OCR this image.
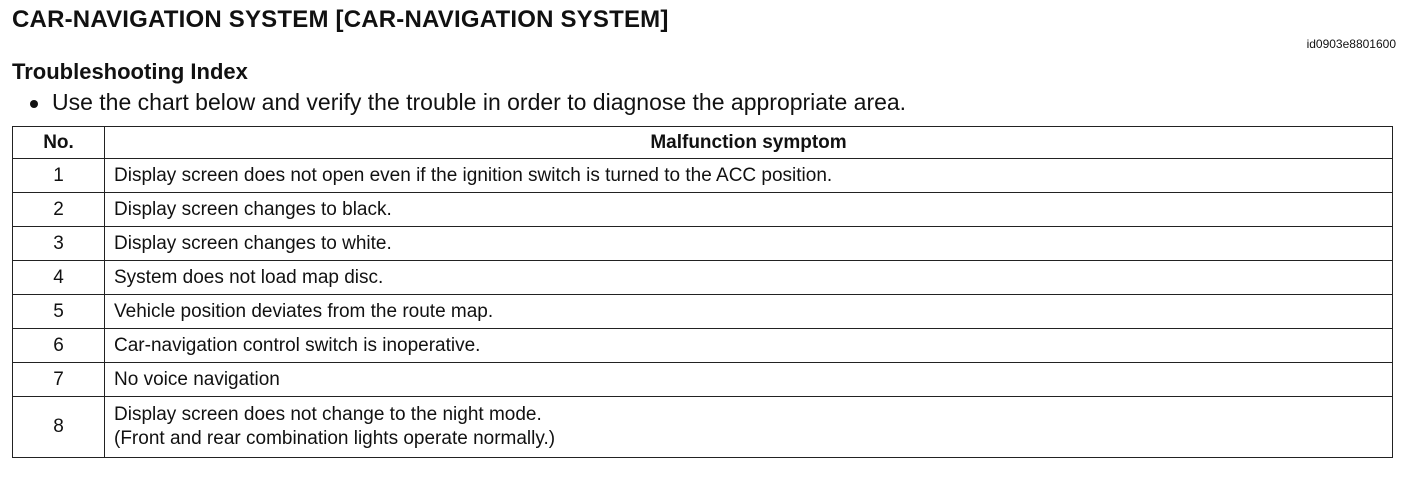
CAR-NAVIGATION SYSTEM [CAR-NAVIGATION SYSTEM]
id0903e8801600
Troubleshooting Index
Use the chart below and verify the trouble in order to diagnose the appropriate area.
No.	Malfunction symptom
1	Display screen does not open even if the ignition switch is turned to the ACC position.

2	Display screen changes to black.

3	Display screen changes to white.

4	System does not load map disc.

5	Vehicle position deviates from the route map.

6	Car-navigation control switch is inoperative.

7	No voice navigation

8	Display screen does not change to the night mode.
(Front and rear combination lights operate normally.)
